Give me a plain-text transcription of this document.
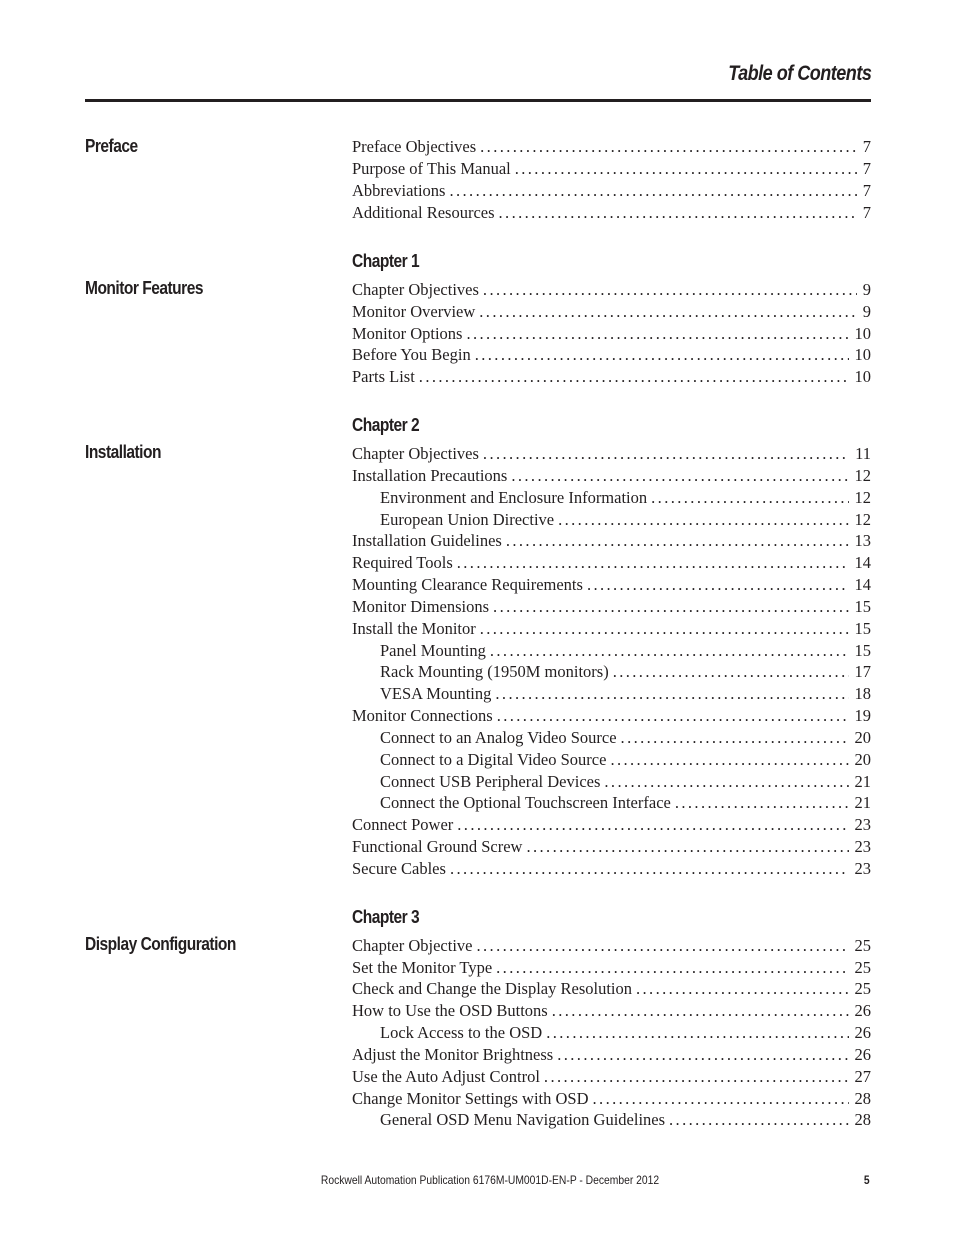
Table of Contents
Preface	Preface Objectives .....	7
Purpose of This Manual .....	7
Abbreviations .....	7
Additional Resources .....	7
Chapter 1
Monitor Features	Chapter Objectives .....	9
Monitor Overview .....	9
Monitor Options .....	10
Before You Begin .....	10
Parts List .....	10
Chapter 2
Installation	Chapter Objectives .....	11
Installation Precautions .....	12
Environment and Enclosure Information .....	12
European Union Directive .....	12
Installation Guidelines .....	13
Required Tools .....	14
Mounting Clearance Requirements .....	14
Monitor Dimensions .....	15
Install the Monitor .....	15
Panel Mounting .....	15
Rack Mounting (1950M monitors) .....	17
VESA Mounting .....	18
Monitor Connections .....	19
Connect to an Analog Video Source .....	20
Connect to a Digital Video Source .....	20
Connect USB Peripheral Devices .....	21
Connect the Optional Touchscreen Interface .....	21
Connect Power .....	23
Functional Ground Screw .....	23
Secure Cables .....	23
Chapter 3
Display Configuration	Chapter Objective .....	25
Set the Monitor Type .....	25
Check and Change the Display Resolution .....	25
How to Use the OSD Buttons .....	26
Lock Access to the OSD .....	26
Adjust the Monitor Brightness .....	26
Use the Auto Adjust Control .....	27
Change Monitor Settings with OSD .....	28
General OSD Menu Navigation Guidelines .....	28
Rockwell Automation Publication 6176M-UM001D-EN-P - December 2012	5
